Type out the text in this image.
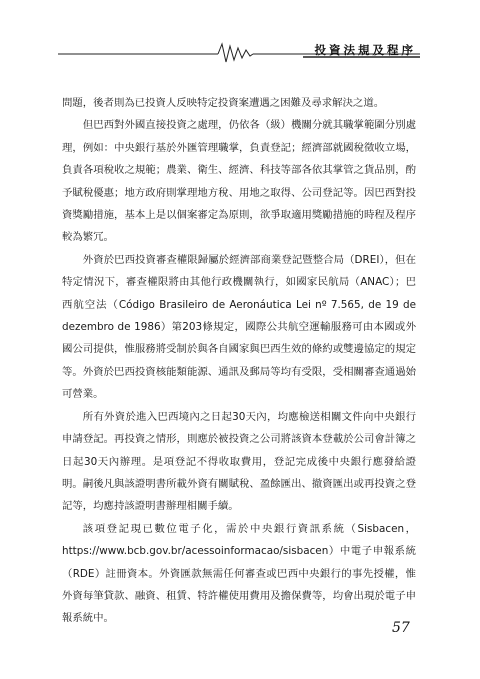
投資法規及程序

問題，後者則為已投資人反映特定投資案遭遇之困難及尋求解決之道。

但巴西對外國直接投資之處理，仍依各（級）機關分就其職掌範圍分別處理，例如：中央銀行基於外匯管理職掌，負責登記；經濟部就國稅徵收立場，負責各項稅收之規範；農業、衛生、經濟、科技等部各依其掌管之貨品別，酌予賦稅優惠；地方政府則掌理地方稅、用地之取得、公司登記等。因巴西對投資獎勵措施，基本上是以個案審定為原則，欲爭取適用獎勵措施的時程及程序較為繁冗。

外資於巴西投資審查權限歸屬於經濟部商業登記暨整合局（DREI），但在特定情況下，審查權限將由其他行政機關執行，如國家民航局（ANAC）；巴西航空法（Código Brasileiro de Aeronáutica Lei nº 7.565, de 19 de dezembro de 1986）第203條規定，國際公共航空運輸服務可由本國或外國公司提供，惟服務將受制於與各自國家與巴西生效的條約或雙邊協定的規定等。外資於巴西投資核能類能源、通訊及郵局等均有受限，受相關審查通過始可營業。

所有外資於進入巴西境內之日起30天內，均應檢送相關文件向中央銀行申請登記。再投資之情形，則應於被投資之公司將該資本登載於公司會計簿之日起30天內辦理。是項登記不得收取費用，登記完成後中央銀行應發給證明。嗣後凡與該證明書所載外資有關賦稅、盈餘匯出、撤資匯出或再投資之登記等，均應持該證明書辦理相關手續。

該項登記現已數位電子化，需於中央銀行資訊系統（Sisbacen，https://www.bcb.gov.br/acessoinformacao/sisbacen）中電子申報系統（RDE）註冊資本。外資匯款無需任何審查或巴西中央銀行的事先授權，惟外資每筆貸款、融資、租賃、特許權使用費用及擔保費等，均會出現於電子申報系統中。

57
